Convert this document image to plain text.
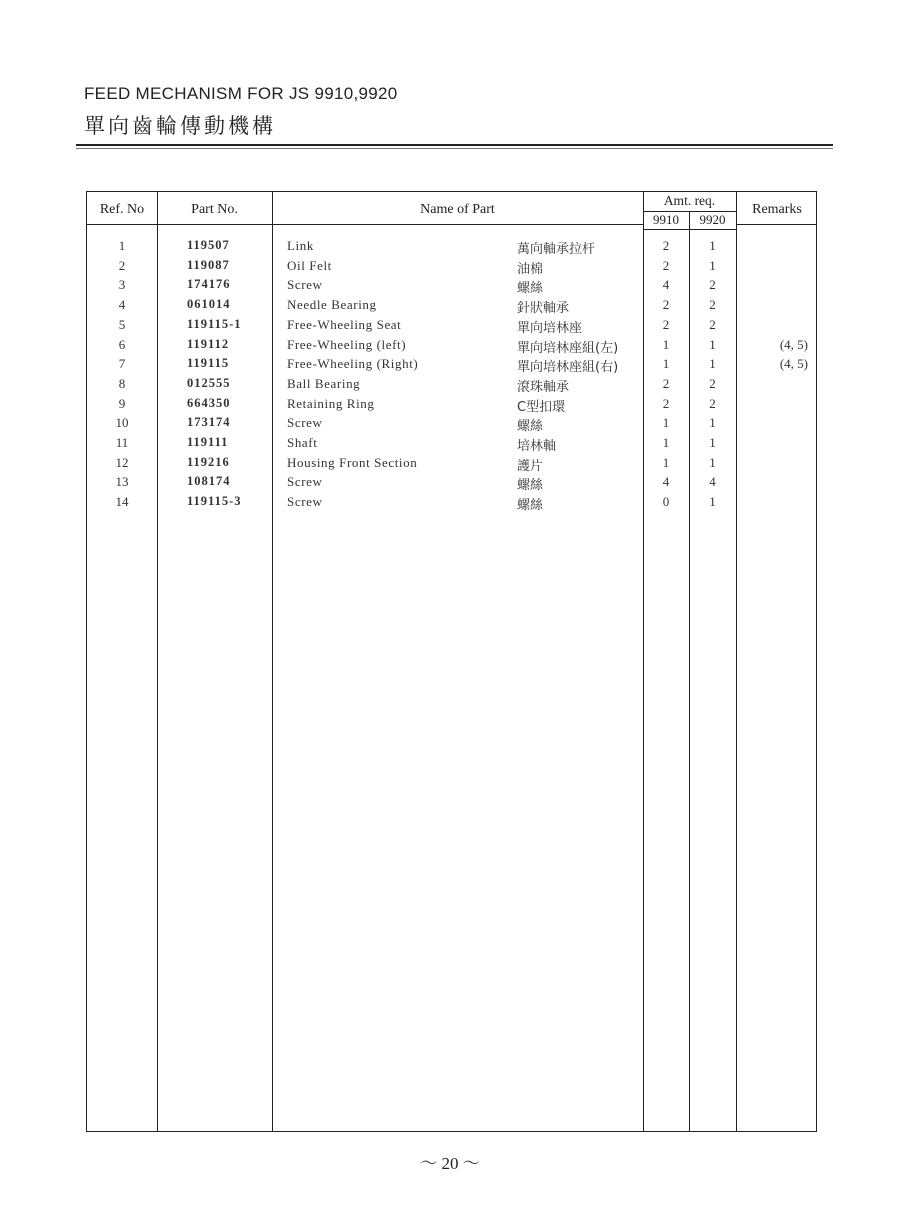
FEED MECHANISM FOR JS 9910,9920
單向齒輪傳動機構
Ref. No	Part No.	Name of Part
Amt. req.
9910	9920
Remarks
1	119507	Link	萬向軸承拉杆	2	1
2	119087	Oil Felt	油棉	2	1
3	174176	Screw	螺絲	4	2
4	061014	Needle Bearing	針狀軸承	2	2
5	119115-1	Free-Wheeling Seat	單向培林座	2	2
6	119112	Free-Wheeling (left)	單向培林座組(左)	1	1	(4, 5)
7	119115	Free-Wheeling (Right)	單向培林座組(右)	1	1	(4, 5)
8	012555	Ball Bearing	滾珠軸承	2	2
9	664350	Retaining Ring	C型扣環	2	2
10	173174	Screw	螺絲	1	1
11	119111	Shaft	培林軸	1	1
12	119216	Housing Front Section	護片	1	1
13	108174	Screw	螺絲	4	4
14	119115-3	Screw	螺絲	0	1
～ 20 ～
